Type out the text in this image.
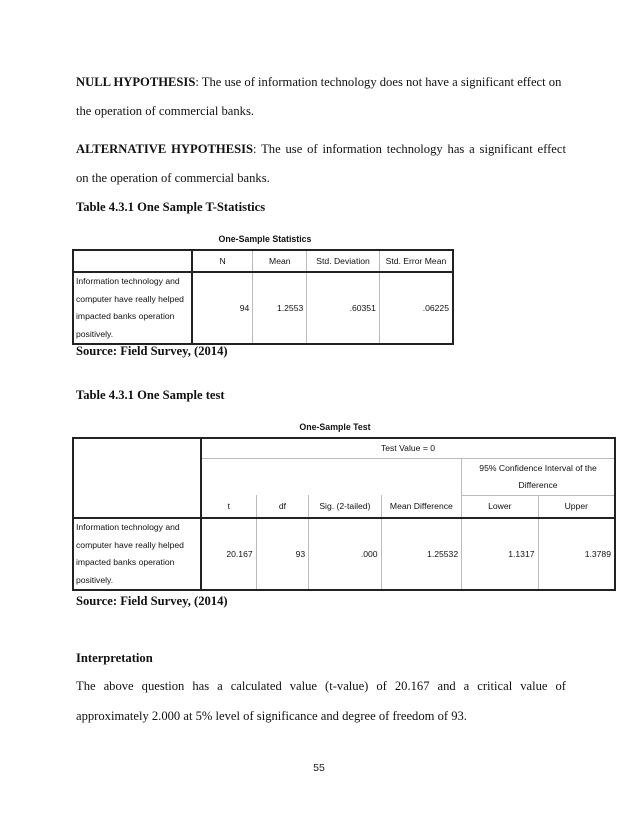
NULL HYPOTHESIS: The use of information technology does not have a significant effect on
the operation of commercial banks.
ALTERNATIVE HYPOTHESIS: The use of information technology has a significant effect
on the operation of commercial banks.
Table 4.3.1 One Sample T-Statistics
One-Sample Statistics
	N	Mean	Std. Deviation	Std. Error Mean

Information technology and
computer have really helped
impacted banks operation
positively.	94	1.2553	.60351	.06225
Source: Field Survey, (2014)
Table 4.3.1 One Sample test
One-Sample Test
	Test Value = 0					

					95% Confidence Interval of the
Difference	

	t	df	Sig. (2-tailed)	Mean Difference	Lower	Upper

Information technology and
computer have really helped
impacted banks operation
positively.	20.167	93	.000	1.25532	1.1317	1.3789
Source: Field Survey, (2014)
Interpretation
The above question has a calculated value (t-value) of 20.167 and a critical value of
approximately 2.000 at 5% level of significance and degree of freedom of 93.
55
